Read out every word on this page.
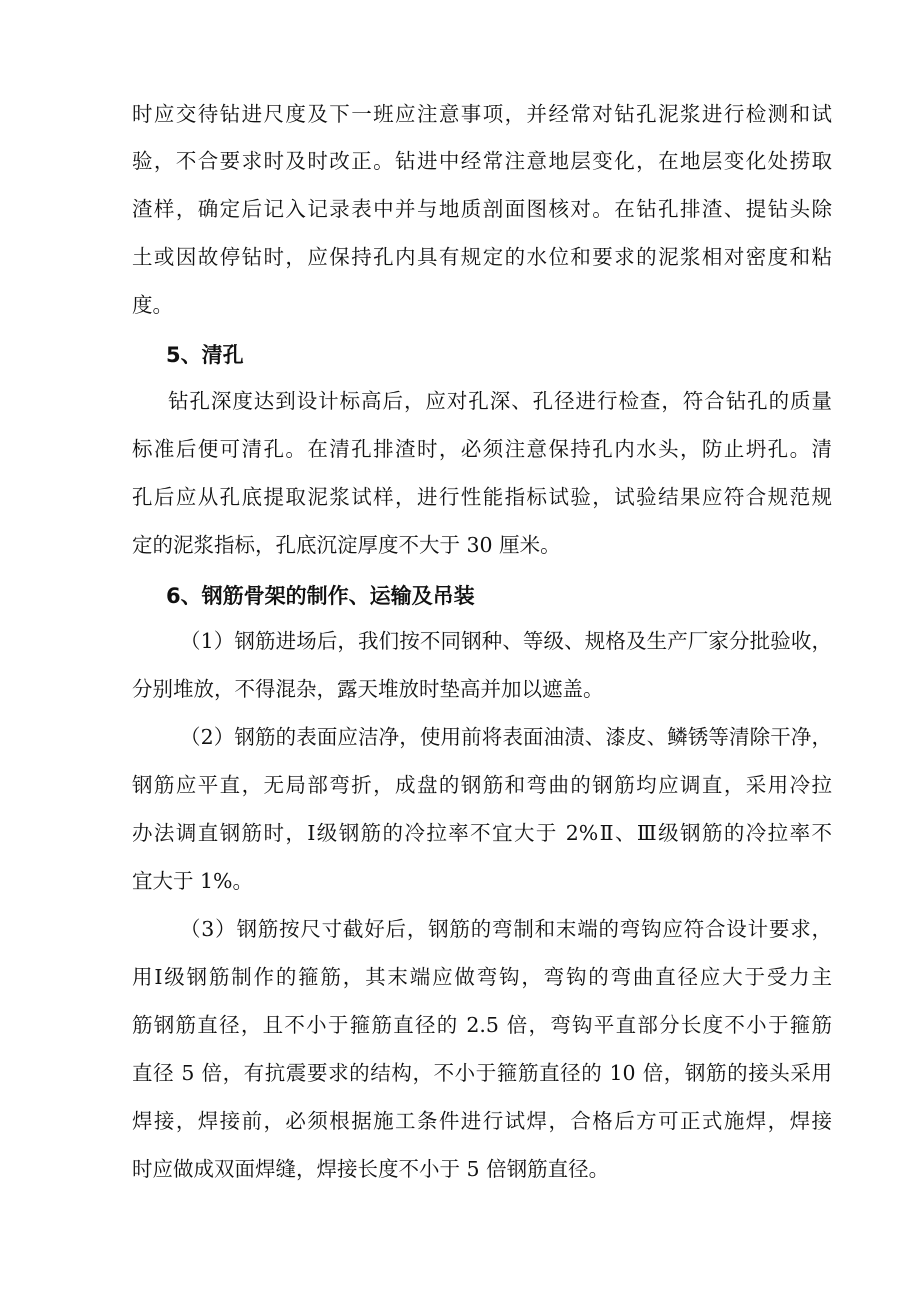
时应交待钻进尺度及下一班应注意事项，并经常对钻孔泥浆进行检测和试
验，不合要求时及时改正。钻进中经常注意地层变化，在地层变化处捞取
渣样，确定后记入记录表中并与地质剖面图核对。在钻孔排渣、提钻头除
土或因故停钻时，应保持孔内具有规定的水位和要求的泥浆相对密度和粘
度。
5、清孔
钻孔深度达到设计标高后，应对孔深、孔径进行检查，符合钻孔的质量
标准后便可清孔。在清孔排渣时，必须注意保持孔内水头，防止坍孔。清
孔后应从孔底提取泥浆试样，进行性能指标试验，试验结果应符合规范规
定的泥浆指标，孔底沉淀厚度不大于 30 厘米。
6、钢筋骨架的制作、运输及吊装
（1）钢筋进场后，我们按不同钢种、等级、规格及生产厂家分批验收，
分别堆放，不得混杂，露天堆放时垫高并加以遮盖。
（2）钢筋的表面应洁净，使用前将表面油渍、漆皮、鳞锈等清除干净，
钢筋应平直，无局部弯折，成盘的钢筋和弯曲的钢筋均应调直，采用冷拉
办法调直钢筋时，Ⅰ级钢筋的冷拉率不宜大于 2%Ⅱ、Ⅲ级钢筋的冷拉率不
宜大于 1%。
（3）钢筋按尺寸截好后，钢筋的弯制和末端的弯钩应符合设计要求，
用Ⅰ级钢筋制作的箍筋，其末端应做弯钩，弯钩的弯曲直径应大于受力主
筋钢筋直径，且不小于箍筋直径的 2.5 倍，弯钩平直部分长度不小于箍筋
直径 5 倍，有抗震要求的结构，不小于箍筋直径的 10 倍，钢筋的接头采用
焊接，焊接前，必须根据施工条件进行试焊，合格后方可正式施焊，焊接
时应做成双面焊缝，焊接长度不小于 5 倍钢筋直径。
